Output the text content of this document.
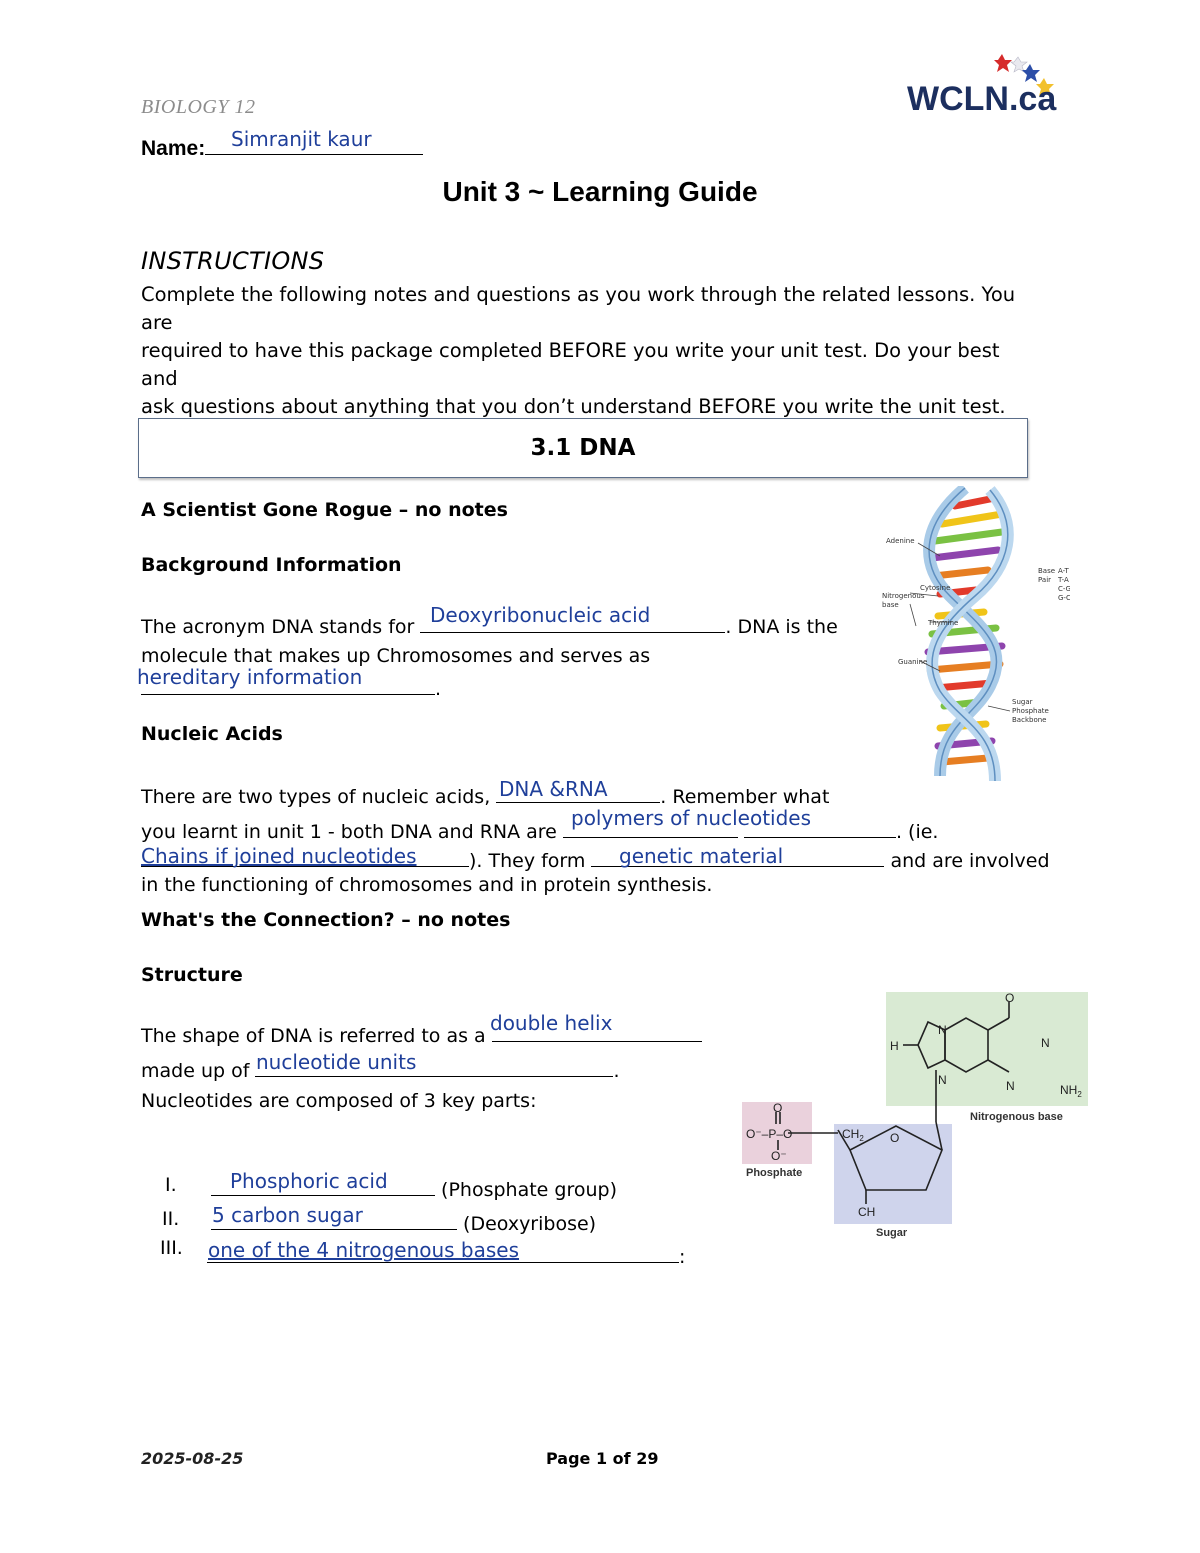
BIOLOGY 12	WCLN.ca
Name:	Simranjit kaur
Unit 3 ~ Learning Guide
INSTRUCTIONS
Complete the following notes and questions as you work through the related lessons. You are
required to have this package completed BEFORE you write your unit test. Do your best and
ask questions about anything that you don’t understand BEFORE you write the unit test.
3.1 DNA
A Scientist Gone Rogue – no notes
Background Information
The acronym DNA stands for	. DNA is the
Deoxyribonucleic acid
molecule that makes up Chromosomes and serves as
.
hereditary information
Nucleic Acids
There are two types of nucleic acids,	. Remember what
DNA &RNA
you learnt in unit 1 - both DNA and RNA are	. (ie.
polymers of nucleotides
). They form	and are involved
Chains if joined nucleotides	genetic material
in the functioning of chromosomes and in protein synthesis.
What's the Connection? – no notes
Structure
The shape of DNA is referred to as a
double helix
made up of	.
nucleotide units
Nucleotides are composed of 3 key parts:
I.	(Phosphate group)
Phosphoric acid
II.	(Deoxyribose)
5 carbon sugar
III.	:
one of the 4 nitrogenous bases
Adenine
Cytosine
Nitrogenous
base
Thymine
Guanine
Sugar
Phosphate
Backbone
Base
Pair
A-T
T-A
C-G
G-C
O
H
N
N
N
N	$NH_2$
Nitrogenous base
O
O⁻–P–O
O⁻
$CH_2$ O
CH
Phosphate
Sugar
2025-08-25	Page 1 of 29
